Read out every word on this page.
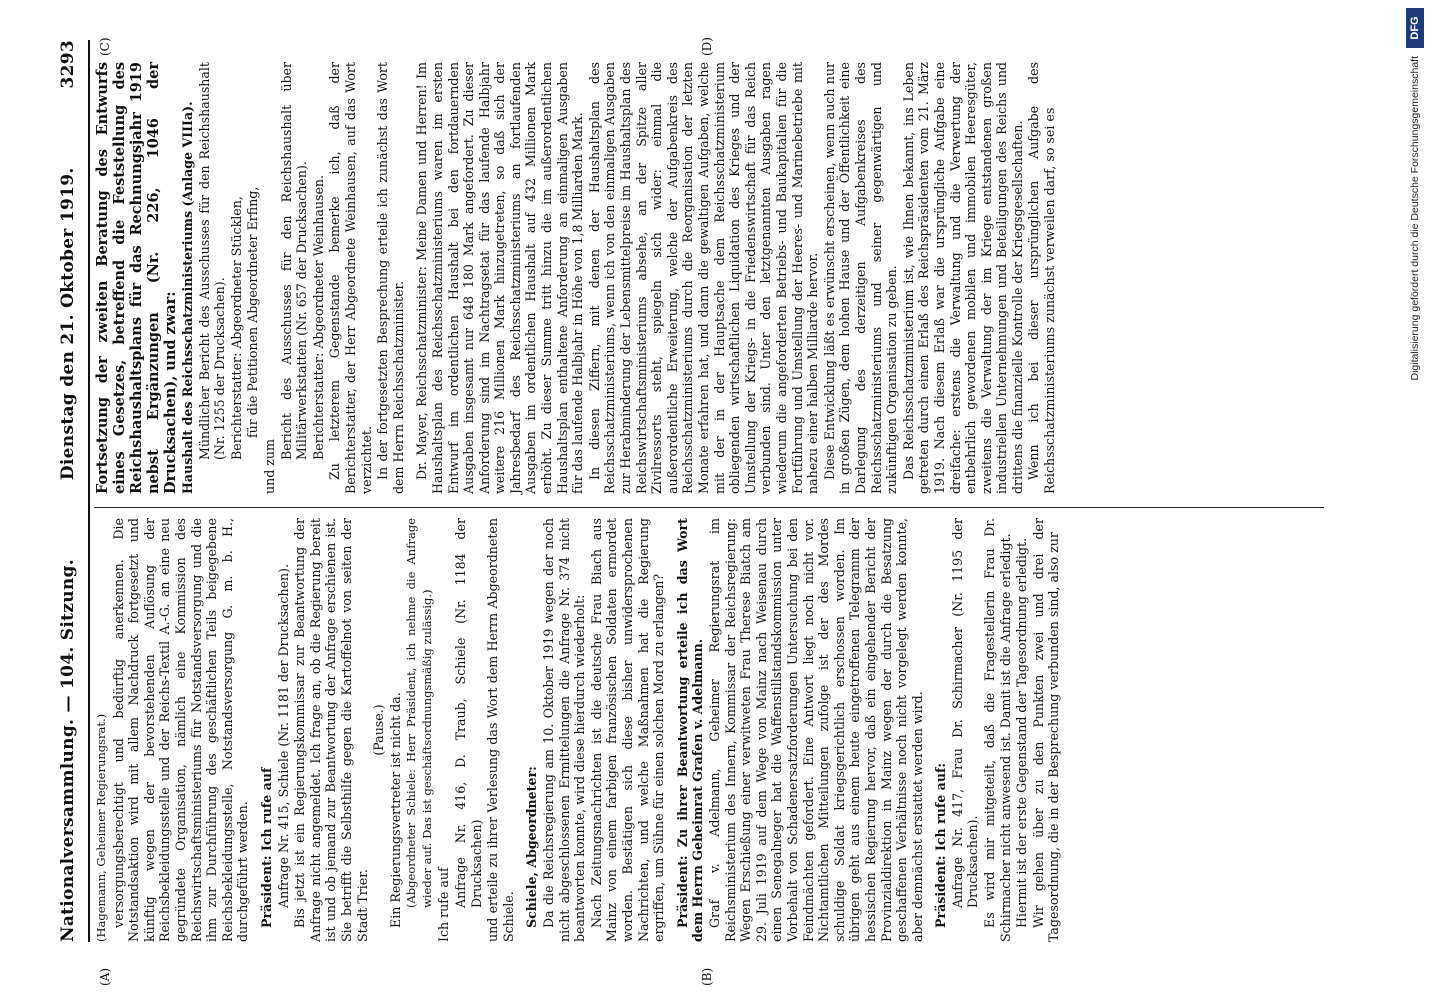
Nationalversammlung. — 104. Sitzung.
Dienstag den 21. Oktober 1919.
3293
(A)	(B)
(C)	(D)

(Hagemann, Geheimer Regierungsrat.) versorgungsberechtigt und bedürftig anerkennen. Die Notstandsaktion wird mit allem Nachdruck fortgesetzt und künftig wegen der bevorstehenden Auflösung der Reichsbekleidungsstelle und der Reichs-Textil A.-G. an eine neu gegründete Organisation, nämlich eine Kommission des Reichswirtschaftsministeriums für Notstandsversorgung und die ihm zur Durchführung des geschäftlichen Teils beigegebene Reichsbekleidungsstelle, Notstandsversorgung G. m. b. H., durchgeführt werden. Präsident: Ich rufe auf Anfrage Nr. 415, Schiele (Nr. 1181 der Drucksachen). Bis jetzt ist ein Regierungskommissar zur Beantwortung der Anfrage nicht angemeldet. Ich frage an, ob die Regierung bereit ist und ob jemand zur Beantwortung der Anfrage erschienen ist. Sie betrifft die Selbsthilfe gegen die Kartoffelnot von seiten der Stadt Trier.

(Pause.) Ein Regierungsvertreter ist nicht da. (Abgeordneter Schiele: Herr Präsident, ich nehme die Anfrage wieder auf. Das ist geschäftsordnungsmäßig zulässig.) Ich rufe auf Anfrage Nr. 416, D. Traub, Schiele (Nr. 1184 der Drucksachen) und erteile zu ihrer Verlesung das Wort dem Herrn Abgeordneten Schiele. Schiele, Abgeordneter: Da die Reichsregierung am 10. Oktober 1919 wegen der noch nicht abgeschlossenen Ermittelungen die Anfrage Nr. 374 nicht beantworten konnte, wird diese hierdurch wiederholt: Nach Zeitungsnachrichten ist die deutsche Frau Biach aus Mainz von einem farbigen französischen Soldaten ermordet worden. Bestätigen sich diese bisher unwidersprochenen Nachrichten, und welche Maßnahmen hat die Regierung ergriffen, um Sühne für einen solchen Mord zu erlangen? Präsident: Zu ihrer Beantwortung erteile ich das Wort dem Herrn Geheimrat Grafen v. Adelmann. Graf v. Adelmann, Geheimer Regierungsrat im Reichsministerium des Innern, Kommissar der Reichsregierung: Wegen Erschießung einer verwitweten Frau Therese Biatch am 29. Juli 1919 auf dem Wege von Mainz nach Weisenau durch einen Senegalneger hat die Waffenstillstandskommission unter Vorbehalt von Schadenersatzforderungen Untersuchung bei den Feindmächten gefordert. Eine Antwort liegt noch nicht vor. Nichtamtlichen Mitteilungen zufolge ist der des Mordes schuldige Soldat kriegsgerichtlich erschossen worden. Im übrigen geht aus einem heute eingetroffenen Telegramm der hessischen Regierung hervor, daß ein eingehender Bericht der Provinzialdirektion in Mainz wegen der durch die Besatzung geschaffenen Verhältnisse noch nicht vorgelegt werden konnte, aber demnächst erstattet werden wird. Präsident: Ich rufe auf: Anfrage Nr. 417, Frau Dr. Schirmacher (Nr. 1195 der Drucksachen). Es wird mir mitgeteilt, daß die Fragestellerin Frau Dr. Schirmacher nicht anwesend ist. Damit ist die Anfrage erledigt. Hiermit ist der erste Gegenstand der Tagesordnung erledigt. Wir gehen über zu den Punkten zwei und drei der Tagesordnung, die in der Besprechung verbunden sind, also zur

Fortsetzung der zweiten Beratung des Entwurfs eines Gesetzes, betreffend die Feststellung des Reichshaushaltsplans für das Rechnungsjahr 1919 nebst Ergänzungen (Nr. 226, 1046 der Drucksachen), und zwar: Haushalt des Reichsschatzministeriums (Anlage VIIIa). Mündlicher Bericht des Ausschusses für den Reichshaushalt (Nr. 1255 der Drucksachen). Berichterstatter: Abgeordneter Stücklen, für die Petitionen Abgeordneter Erfing,

und zum

Bericht des Ausschusses für den Reichshaushalt über Militärwerkstatten (Nr. 657 der Drucksachen). Berichterstatter: Abgeordneter Weinhausen. Zu letzterem Gegenstande bemerke ich, daß der Berichterstatter, der Herr Abgeordnete Weinhausen, auf das Wort verzichtet. In der fortgesetzten Besprechung erteile ich zunächst das Wort dem Herrn Reichsschatzminister. Dr. Mayer, Reichsschatzminister: Meine Damen und Herren! Im Haushaltsplan des Reichsschatzministeriums waren im ersten Entwurf im ordentlichen Haushalt bei den fortdauernden Ausgaben insgesamt nur 648 180 Mark angefordert. Zu dieser Anforderung sind im Nachtragsetat für das laufende Halbjahr weitere 216 Millionen Mark hinzugetreten, so daß sich der Jahresbedarf des Reichsschatzministeriums an fortlaufenden Ausgaben im ordentlichen Haushalt auf 432 Millionen Mark erhöht. Zu dieser Summe tritt hinzu die im außerordentlichen Haushaltsplan enthaltene Anforderung an einmaligen Ausgaben für das laufende Halbjahr in Höhe von 1,8 Milliarden Mark. In diesen Ziffern, mit denen der Haushaltsplan des Reichsschatzministeriums, wenn ich von den einmaligen Ausgaben zur Herabminderung der Lebensmittelpreise im Haushaltsplan des Reichswirtschaftsministeriums absehe, an der Spitze aller Zivilressorts steht, spiegeln sich wider: einmal die außerordentliche Erweiterung, welche der Aufgabenkreis des Reichsschatzministeriums durch die Reorganisation der letzten Monate erfahren hat, und dann die gewaltigen Aufgaben, welche mit der in der Hauptsache dem Reichsschatzministerium obliegenden wirtschaftlichen Liquidation des Krieges und der Umstellung der Kriegs- in die Friedenswirtschaft für das Reich verbunden sind. Unter den letztgenannten Ausgaben ragen wiederum die angeforderten Betriebs- und Baukapitalien für die Fortführung und Umstellung der Heeres- und Marinebetriebe mit nahezu einer halben Milliarde hervor. Diese Entwicklung läßt es erwünscht erscheinen, wenn auch nur in großen Zügen, dem hohen Hause und der Öffentlichkeit eine Darlegung des derzeitigen Aufgabenkreises des Reichsschatzministeriums und seiner gegenwärtigen und zukünftigen Organisation zu geben. Das Reichsschatzministerium ist, wie Ihnen bekannt, ins Leben getreten durch einen Erlaß des Reichspräsidenten vom 21. März 1919. Nach diesem Erlaß war die ursprüngliche Aufgabe eine dreifache: erstens die Verwaltung und die Verwertung der entbehrlich gewordenen mobilen und immobilen Heeresgüter, zweitens die Verwaltung der im Kriege entstandenen großen industriellen Unternehmungen und Beteiligungen des Reichs und drittens die finanzielle Kontrolle der Kriegsgesellschaften. Wenn ich bei dieser ursprünglichen Aufgabe des Reichsschatzministeriums zunächst verweilen darf, so sei es	Digitalisierung gefördert durch die Deutsche Forschungsgemeinschaft
DFG
